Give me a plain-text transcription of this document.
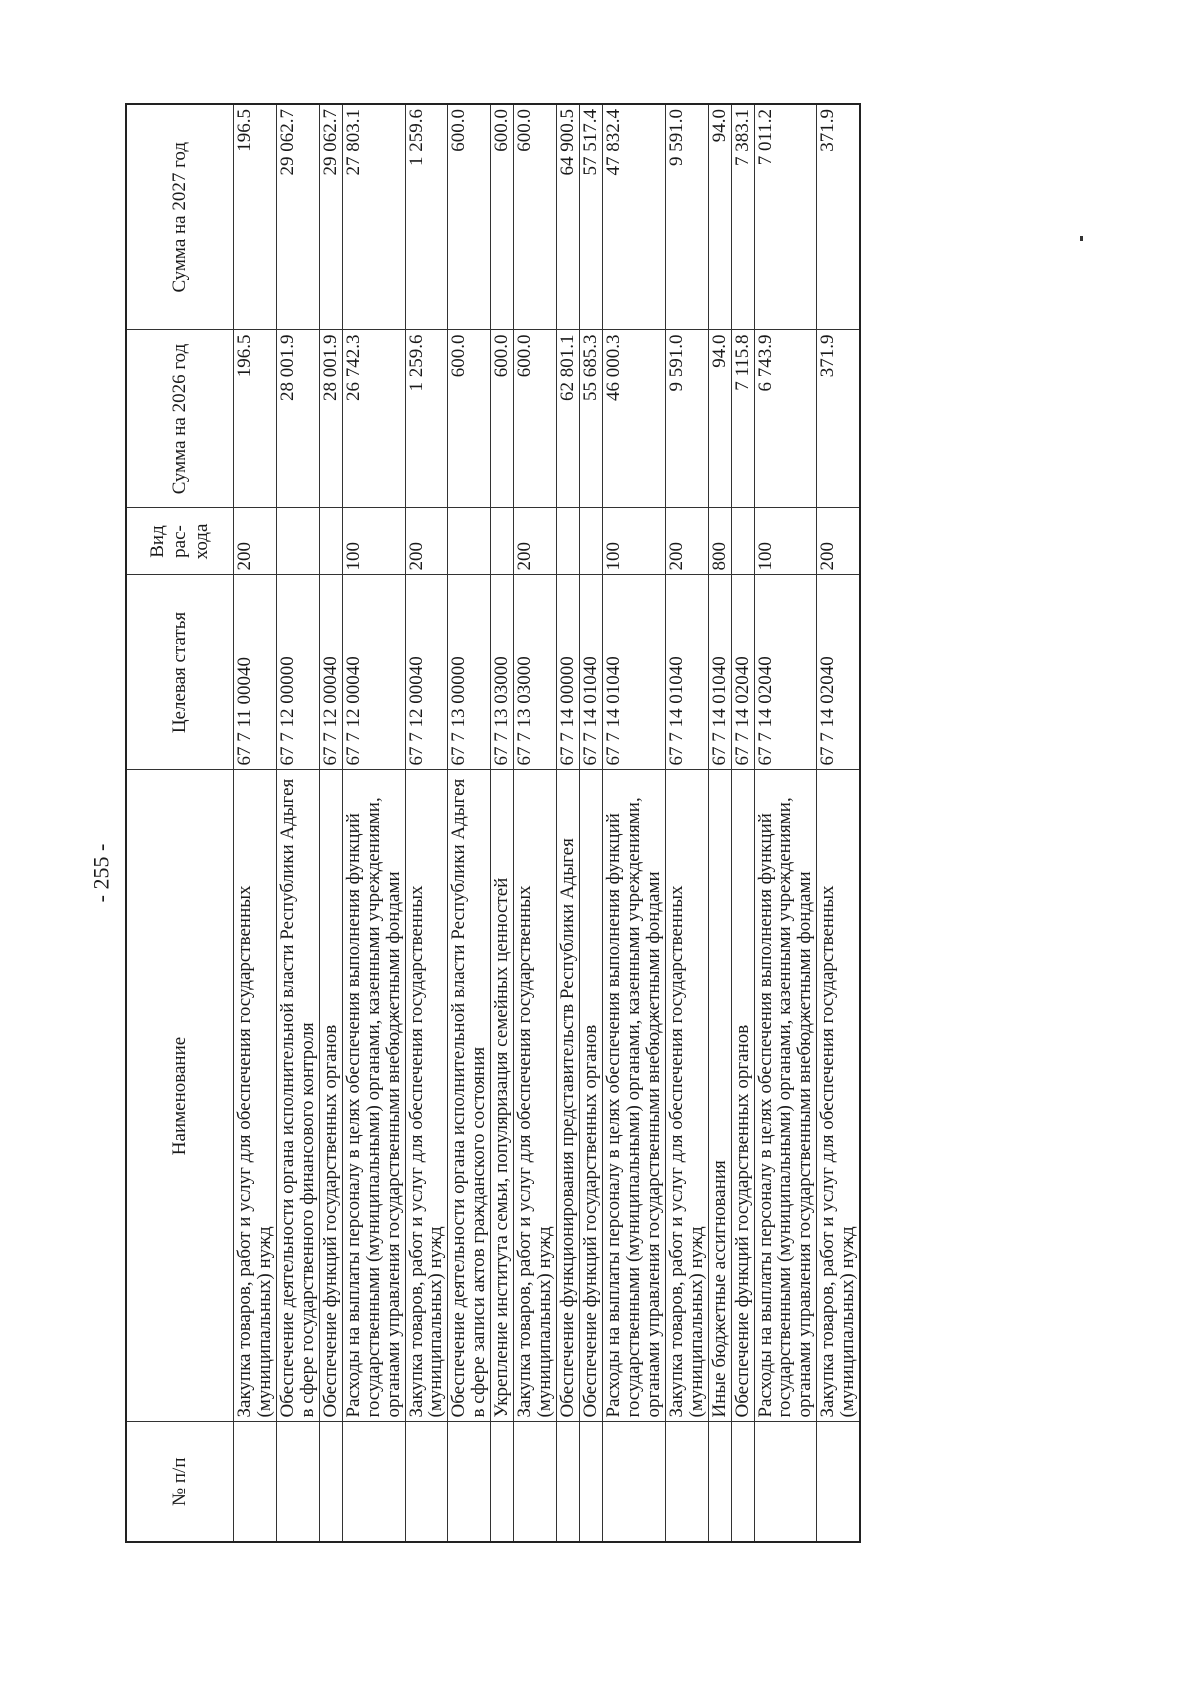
- 255 -
№ п/п	Наименование	Целевая статья	Вид рас-хода	Сумма на 2026 год	Сумма на 2027 год
	Закупка товаров, работ и услуг для обеспечения государственных (муниципальных) нужд	67 7 11 00040	200	196.5	196.5
	Обеспечение деятельности органа исполнительной власти Республики Адыгея в сфере государственного финансового контроля	67 7 12 00000		28 001.9	29 062.7
	Обеспечение функций государственных органов	67 7 12 00040		28 001.9	29 062.7
	Расходы на выплаты персоналу в целях обеспечения выполнения функций государственными (муниципальными) органами, казенными учреждениями, органами управления государственными внебюджетными фондами	67 7 12 00040	100	26 742.3	27 803.1
	Закупка товаров, работ и услуг для обеспечения государственных (муниципальных) нужд	67 7 12 00040	200	1 259.6	1 259.6
	Обеспечение деятельности органа исполнительной власти Республики Адыгея в сфере записи актов гражданского состояния	67 7 13 00000		600.0	600.0
	Укрепление института семьи, популяризация семейных ценностей	67 7 13 03000		600.0	600.0
	Закупка товаров, работ и услуг для обеспечения государственных (муниципальных) нужд	67 7 13 03000	200	600.0	600.0
	Обеспечение функционирования представительств Республики Адыгея	67 7 14 00000		62 801.1	64 900.5
	Обеспечение функций государственных органов	67 7 14 01040		55 685.3	57 517.4
	Расходы на выплаты персоналу в целях обеспечения выполнения функций государственными (муниципальными) органами, казенными учреждениями, органами управления государственными внебюджетными фондами	67 7 14 01040	100	46 000.3	47 832.4
	Закупка товаров, работ и услуг для обеспечения государственных (муниципальных) нужд	67 7 14 01040	200	9 591.0	9 591.0
	Иные бюджетные ассигнования	67 7 14 01040	800	94.0	94.0
	Обеспечение функций государственных органов	67 7 14 02040		7 115.8	7 383.1
	Расходы на выплаты персоналу в целях обеспечения выполнения функций государственными (муниципальными) органами, казенными учреждениями, органами управления государственными внебюджетными фондами	67 7 14 02040	100	6 743.9	7 011.2
	Закупка товаров, работ и услуг для обеспечения государственных (муниципальных) нужд	67 7 14 02040	200	371.9	371.9
